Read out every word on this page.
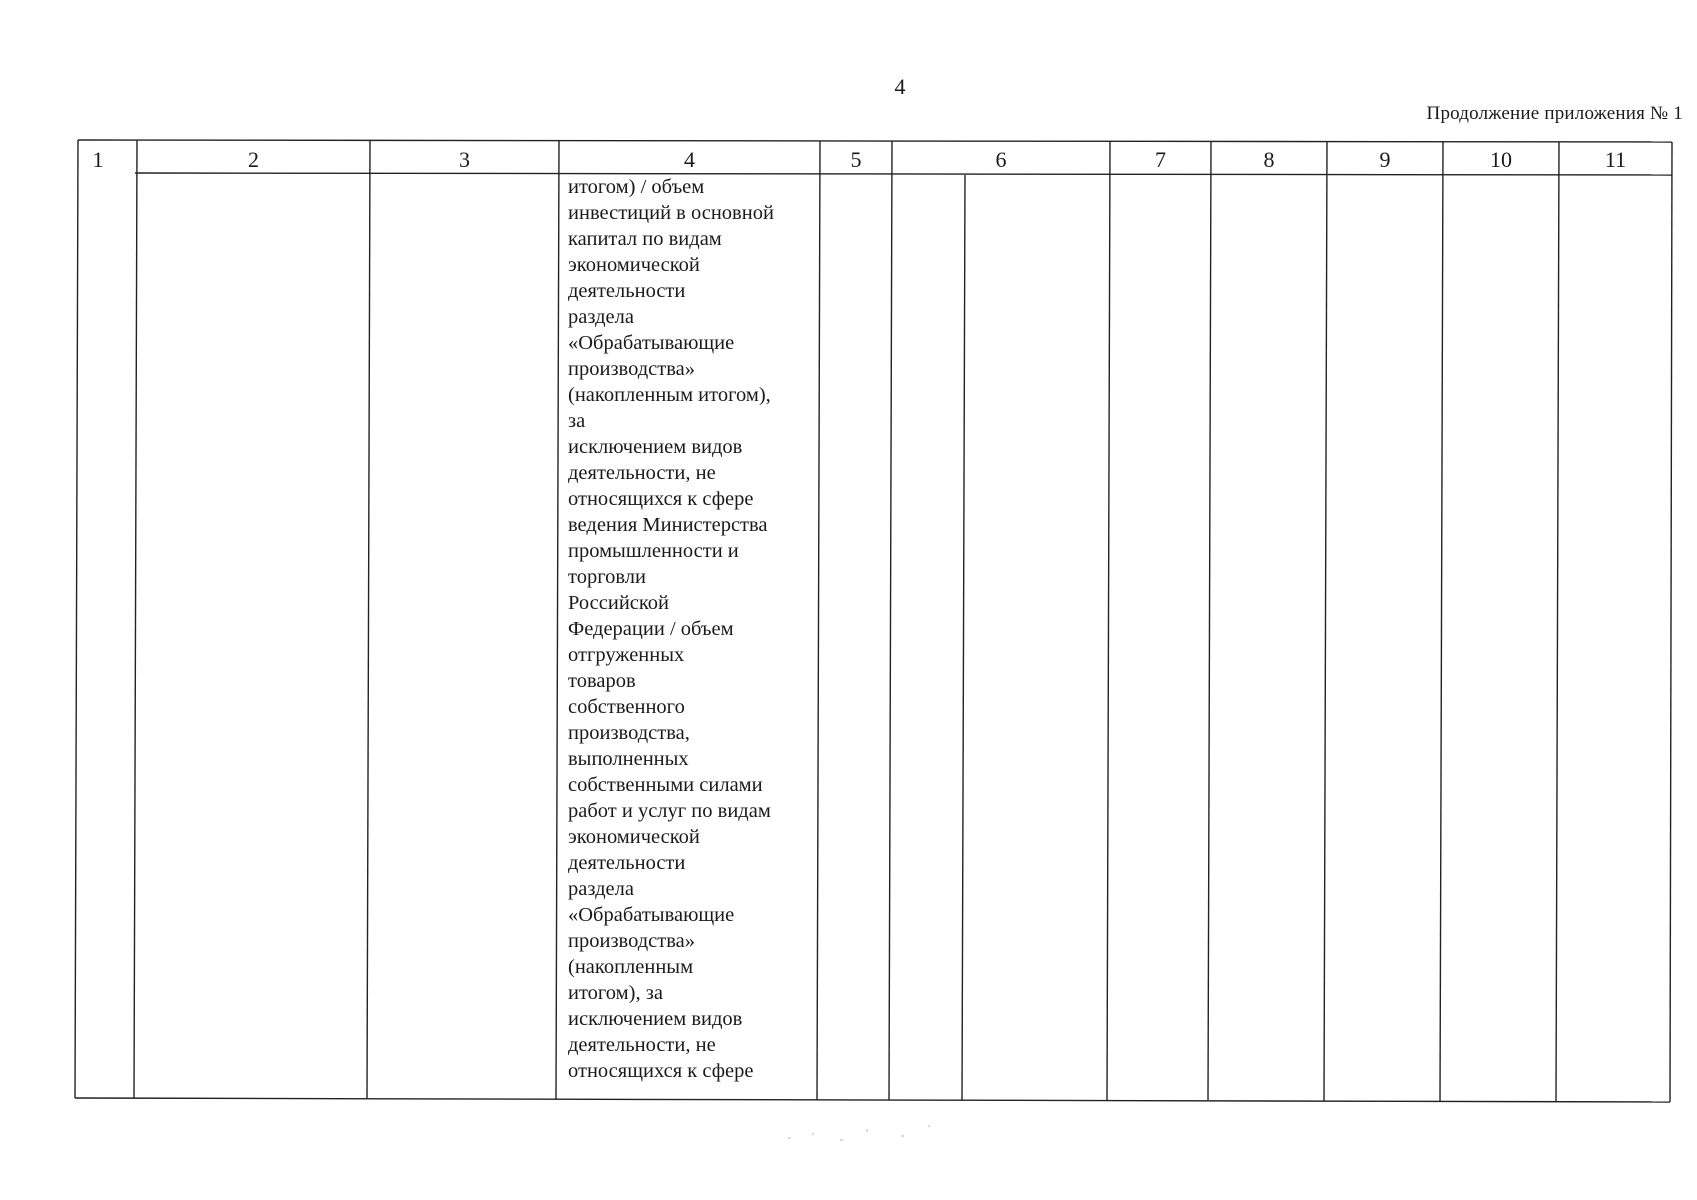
4
Продолжение приложения № 1
1	2	3	4	5	6	7	8	9	10	11
итогом) / объем
инвестиций в основной
капитал по видам
экономической
деятельности
раздела
«Обрабатывающие
производства»
(накопленным итогом),
за
исключением видов
деятельности, не
относящихся к сфере
ведения Министерства
промышленности и
торговли
Российской
Федерации / объем
отгруженных
товаров
собственного
производства,
выполненных
собственными силами
работ и услуг по видам
экономической
деятельности
раздела
«Обрабатывающие
производства»
(накопленным
итогом), за
исключением видов
деятельности, не
относящихся к сфере
